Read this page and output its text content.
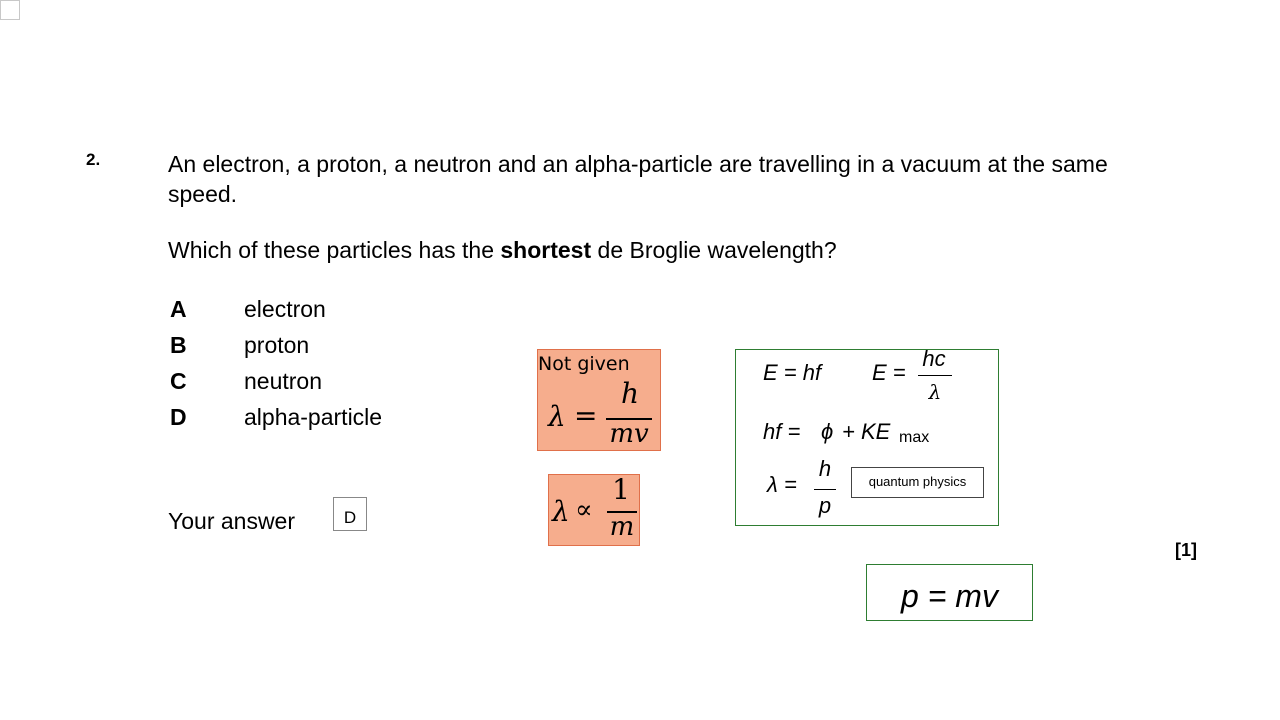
2.	An electron, a proton, a neutron and an alpha-particle are travelling in a vacuum at the same speed.
Which of these particles has the shortest de Broglie wavelength?
A electron
B proton
C neutron
D alpha-particle
Your answer	D
[1]
Not given
λ =
h
mv
λ ∝
1
m
E = hf E =
hc
λ
hf = ϕ + KE max
λ =
h
p
quantum physics
p = mv
